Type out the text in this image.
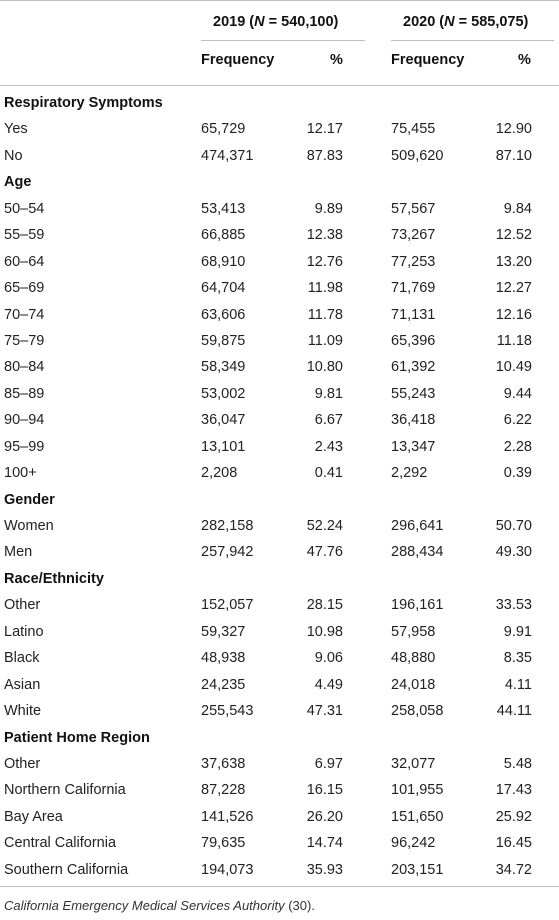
2019 (N = 540,100)	2020 (N = 585,075)
Frequency	%	Frequency	%
Respiratory Symptoms
Yes	65,729	12.17	75,455	12.90
No	474,371	87.83	509,620	87.10
Age
50–54	53,413	9.89	57,567	9.84
55–59	66,885	12.38	73,267	12.52
60–64	68,910	12.76	77,253	13.20
65–69	64,704	11.98	71,769	12.27
70–74	63,606	11.78	71,131	12.16
75–79	59,875	11.09	65,396	11.18
80–84	58,349	10.80	61,392	10.49
85–89	53,002	9.81	55,243	9.44
90–94	36,047	6.67	36,418	6.22
95–99	13,101	2.43	13,347	2.28
100+	2,208	0.41	2,292	0.39
Gender
Women	282,158	52.24	296,641	50.70
Men	257,942	47.76	288,434	49.30
Race/Ethnicity
Other	152,057	28.15	196,161	33.53
Latino	59,327	10.98	57,958	9.91
Black	48,938	9.06	48,880	8.35
Asian	24,235	4.49	24,018	4.11
White	255,543	47.31	258,058	44.11
Patient Home Region
Other	37,638	6.97	32,077	5.48
Northern California	87,228	16.15	101,955	17.43
Bay Area	141,526	26.20	151,650	25.92
Central California	79,635	14.74	96,242	16.45
Southern California	194,073	35.93	203,151	34.72
California Emergency Medical Services Authority (30).
